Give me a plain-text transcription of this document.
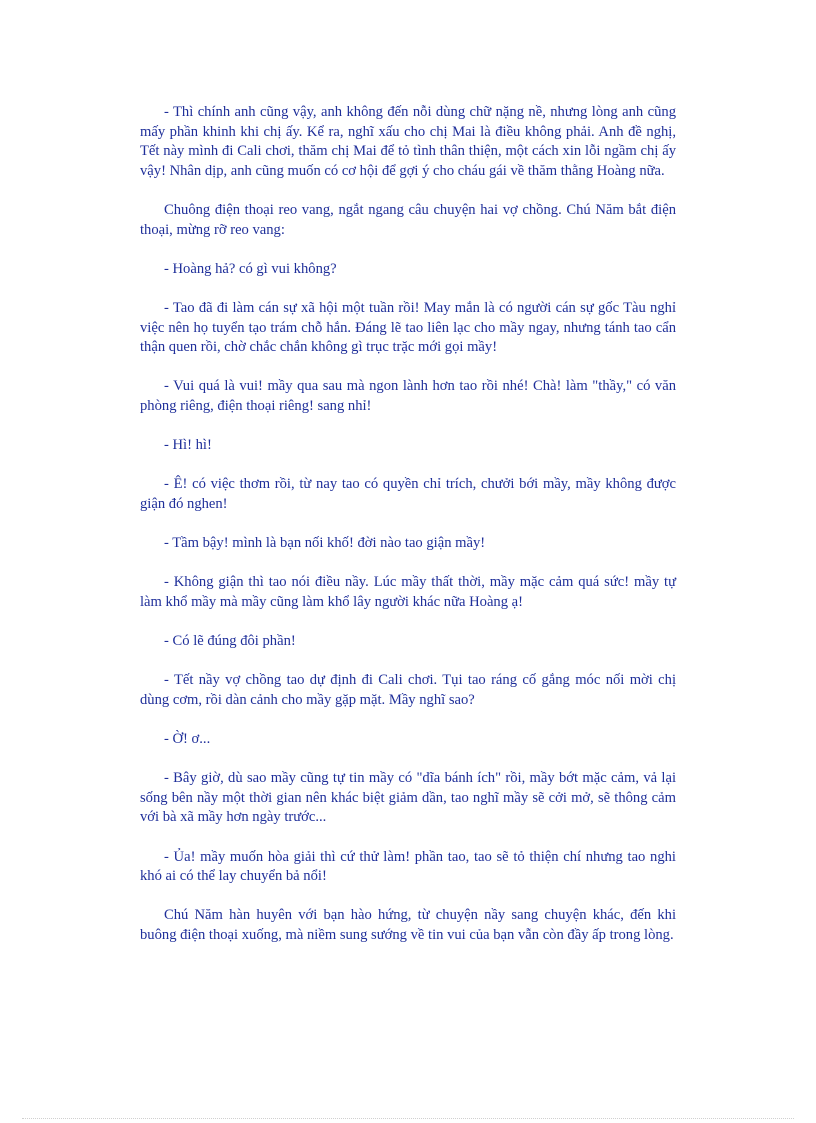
- Thì chính anh cũng vậy, anh không đến nỗi dùng chữ nặng nề, nhưng lòng anh cũng mấy phần khinh khi chị ấy. Kể ra, nghĩ xấu cho chị Mai là điều không phải. Anh đề nghị, Tết này mình đi Cali chơi, thăm chị Mai để tỏ tình thân thiện, một cách xin lỗi ngầm chị ấy vậy! Nhân dịp, anh cũng muốn có cơ hội để gợi ý cho cháu gái về thăm thằng Hoàng nữa.

Chuông điện thoại reo vang, ngắt ngang câu chuyện hai vợ chồng. Chú Năm bắt điện thoại, mừng rỡ reo vang:

- Hoàng hả? có gì vui không?

- Tao đã đi làm cán sự xã hội một tuần rồi! May mắn là có người cán sự gốc Tàu nghỉ việc nên họ tuyển tạo trám chỗ hắn. Đáng lẽ tao liên lạc cho mầy ngay, nhưng tánh tao cẩn thận quen rồi, chờ chắc chắn không gì trục trặc mới gọi mầy!

- Vui quá là vui! mầy qua sau mà ngon lành hơn tao rồi nhé! Chà! làm "thầy," có văn phòng riêng, điện thoại riêng! sang nhỉ!

- Hì! hì!

- Ê! có việc thơm rồi, từ nay tao có quyền chỉ trích, chưởi bới mầy, mầy không được giận đó nghen!

- Tầm bậy! mình là bạn nối khố! đời nào tao giận mầy!

- Không giận thì tao nói điều nầy. Lúc mầy thất thời, mầy mặc cảm quá sức! mầy tự làm khổ mầy mà mầy cũng làm khổ lây người khác nữa Hoàng ạ!

- Có lẽ đúng đôi phần!

- Tết nầy vợ chồng tao dự định đi Cali chơi. Tụi tao ráng cố gắng móc nối mời chị dùng cơm, rồi dàn cảnh cho mầy gặp mặt. Mầy nghĩ sao?

- Ờ! ơ...

- Bây giờ, dù sao mầy cũng tự tin mầy có "dĩa bánh ích" rồi, mầy bớt mặc cảm, vả lại sống bên nầy một thời gian nên khác biệt giảm dần, tao nghĩ mầy sẽ cởi mở, sẽ thông cảm với bà xã mầy hơn ngày trước...

- Ủa! mầy muốn hòa giải thì cứ thử làm! phần tao, tao sẽ tỏ thiện chí nhưng tao nghi khó ai có thể lay chuyển bả nổi!

Chú Năm hàn huyên với bạn hào hứng, từ chuyện nầy sang chuyện khác, đến khi buông điện thoại xuống, mà niềm sung sướng về tin vui của bạn vẫn còn đầy ấp trong lòng.
